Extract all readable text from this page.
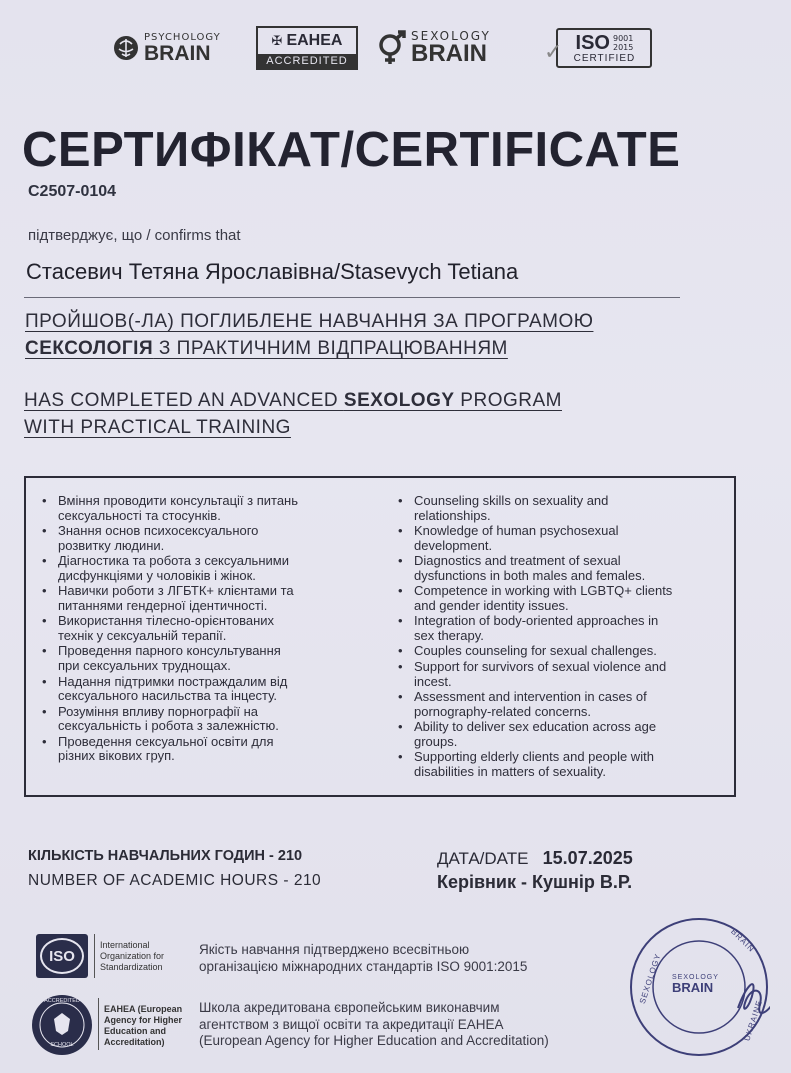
PSYCHOLOGY
BRAIN
✠ EAHEA
ACCREDITED
SEXOLOGY
BRAIN	✓ ISO 9001
2015
CERTIFIED
СЕРТИФІКАТ/CERTIFICATE
C2507-0104
підтверджує, що / confirms that
Стасевич Тетяна Ярославівна/Stasevych Tetiana
ПРОЙШОВ(-ЛА) ПОГЛИБЛЕНЕ НАВЧАННЯ ЗА ПРОГРАМОЮ
СЕКСОЛОГІЯ З ПРАКТИЧНИМ ВІДПРАЦЮВАННЯМ
HAS COMPLETED AN ADVANCED SEXOLOGY PROGRAM
WITH PRACTICAL TRAINING
• Вміння проводити консультації з питань
сексуальності та стосунків.
• Знання основ психосексуального
розвитку людини.
• Діагностика та робота з сексуальними
дисфункціями у чоловіків і жінок.
• Навички роботи з ЛГБТК+ клієнтами та
питаннями гендерної ідентичності.
• Використання тілесно-орієнтованих
технік у сексуальній терапії.
• Проведення парного консультування
при сексуальних труднощах.
• Надання підтримки постраждалим від
сексуального насильства та інцесту.
• Розуміння впливу порнографії на
сексуальність і робота з залежністю.
• Проведення сексуальної освіти для
різних вікових груп.
• Counseling skills on sexuality and
relationships.
• Knowledge of human psychosexual
development.
• Diagnostics and treatment of sexual
dysfunctions in both males and females.
• Competence in working with LGBTQ+ clients
and gender identity issues.
• Integration of body-oriented approaches in
sex therapy.
• Couples counseling for sexual challenges.
• Support for survivors of sexual violence and
incest.
• Assessment and intervention in cases of
pornography-related concerns.
• Ability to deliver sex education across age
groups.
• Supporting elderly clients and people with
disabilities in matters of sexuality.
КІЛЬКІСТЬ НАВЧАЛЬНИХ ГОДИН - 210
NUMBER OF ACADEMIC HOURS - 210
ДАТА/DATE 15.07.2025
Керівник - Кушнір В.Р.
ISO
International
Organization for
Standardization
Якість навчання підтверджено всесвітньою
організацією міжнародних стандартів ISO 9001:2015
ACCREDITED
EAHEA
SCHOOL
EAHEA (European
Agency for Higher
Education and
Accreditation)
Школа акредитована європейським виконавчим
агентством з вищої освіти та акредитації EAHEA
(European Agency for Higher Education and Accreditation)
SEXOLOGY
BRAIN
UKRAINE
SEXOLOGY
BRAIN
